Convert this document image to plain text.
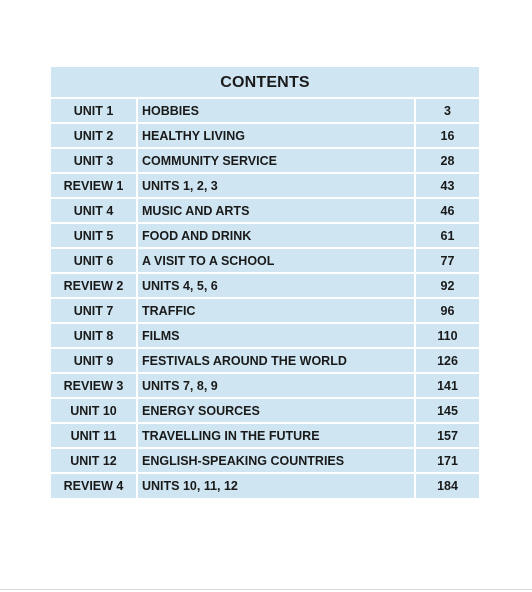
CONTENTS
UNIT 1	HOBBIES	3
UNIT 2	HEALTHY LIVING	16
UNIT 3	COMMUNITY SERVICE	28
REVIEW 1	UNITS 1, 2, 3	43
UNIT 4	MUSIC AND ARTS	46
UNIT 5	FOOD AND DRINK	61
UNIT 6	A VISIT TO A SCHOOL	77
REVIEW 2	UNITS 4, 5, 6	92
UNIT 7	TRAFFIC	96
UNIT 8	FILMS	110
UNIT 9	FESTIVALS AROUND THE WORLD	126
REVIEW 3	UNITS 7, 8, 9	141
UNIT 10	ENERGY SOURCES	145
UNIT 11	TRAVELLING IN THE FUTURE	157
UNIT 12	ENGLISH-SPEAKING COUNTRIES	171
REVIEW 4	UNITS 10, 11, 12	184
